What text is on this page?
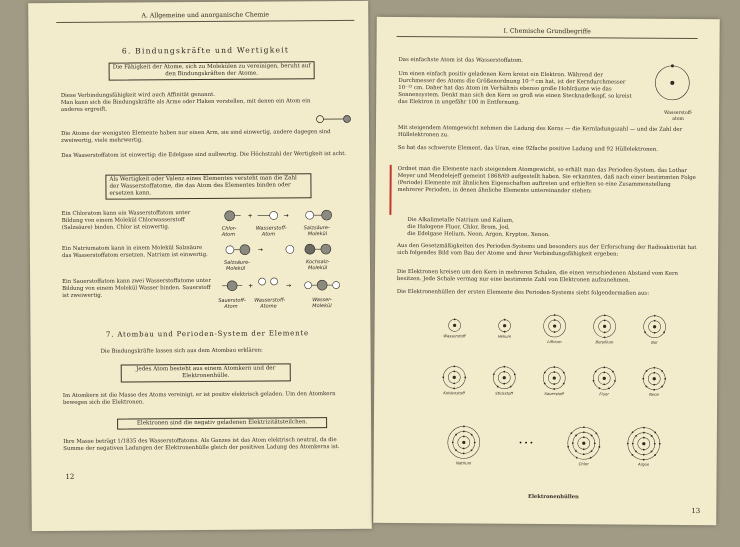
A. Allgemeine und anorganische Chemie
6. Bindungskräfte und Wertigkeit
Die Fähigkeit der Atome, sich zu Molekülen zu vereinigen, beruht auf den Bindungskräften der Atome.
Diese Verbindungsfähigkeit wird auch Affinität genannt.
Man kann sich die Bindungskräfte als Arme oder Haken vorstellen, mit denen ein Atom ein anderes ergreift.
Die Atome der wenigsten Elemente haben nur einen Arm, sie sind einwertig, andere dagegen sind zweiwertig, viele mehrwertig.
Das Wasserstoffatom ist einwertig; die Edelgase sind nullwertig. Die Höchstzahl der Wertigkeit ist acht.
Als Wertigkeit oder Valenz eines Elementes versteht man die Zahl der Wasserstoffatome, die das Atom des Elementes binden oder ersetzen kann.
Ein Chloratom kann ein Wasserstoffatom unter Bildung von einem Molekül Chlorwasserstoff (Salzsäure) binden. Chlor ist einwertig.
+	→
Chlor-
Atom
Wasserstoff-
Atom
Salzsäure-
Molekül
Ein Natriumatom kann in einem Molekül Salzsäure das Wasserstoffatom ersetzen. Natrium ist einwertig.
→
Salzsäure-
Molekül
Kochsalz-
Molekül
Ein Sauerstoffatom kann zwei Wasserstoffatome unter Bildung von einem Molekül Wasser binden. Sauerstoff ist zweiwertig.
+	→
Sauerstoff-
Atom
Wasserstoff-
Atome
Wasser-
Molekül
7. Atombau und Perioden-System der Elemente
Die Bindungskräfte lassen sich aus dem Atombau erklären:
Jedes Atom besteht aus einem Atomkern und der Elektronenhülle.
Im Atomkern ist die Masse des Atoms vereinigt, er ist positiv elektrisch geladen. Um den Atomkern bewegen sich die Elektronen.
Elektronen sind die negativ geladenen Elektrizitätsteilchen.
Ihre Masse beträgt 1/1835 des Wasserstoffatoms. Als Ganzes ist das Atom elektrisch neutral, da die Summe der negativen Ladungen der Elektronenhülle gleich der positiven Ladung des Atomkerns ist.
12
I. Chemische Grundbegriffe
Das einfachste Atom ist das Wasserstoffatom.
Um einen einfach positiv geladenen Kern kreist ein Elektron. Während der Durchmesser des Atoms die Größenordnung 10⁻⁸ cm hat, ist der Kerndurchmesser 10⁻¹² cm. Daher hat das Atom im Verhältnis ebenso große Hohlräume wie das Sonnensystem. Denkt man sich den Kern so groß wie einen Stecknadelkopf, so kreist das Elektron in ungefähr 100 m Entfernung.
Wasserstoff-
atom
Mit steigendem Atomgewicht nehmen die Ladung des Kerns — die Kernladungszahl — und die Zahl der Hüllelektronen zu.
So hat das schwerste Element, das Uran, eine 92fache positive Ladung und 92 Hüllelektronen.
Ordnet man die Elemente nach steigendem Atomgewicht, so erhält man das Perioden-System, das Lothar Meyer und Mendelejeff gemeint 1868/69 aufgestellt haben. Sie erkannten, daß nach einer bestimmten Folge (Periode) Elemente mit ähnlichen Eigenschaften auftreten und erhielten so eine Zusammenstellung mehrerer Perioden, in denen ähnliche Elemente untereinander stehen:
Die Alkalimetalle Natrium und Kalium,
die Halogene Fluor, Chlor, Brom, Jod,
die Edelgase Helium, Neon, Argon, Krypton, Xenon.
Aus den Gesetzmäßigkeiten des Perioden-Systems und besonders aus der Erforschung der Radioaktivität hat sich folgendes Bild vom Bau der Atome und ihrer Verbindungsfähigkeit ergeben:
Die Elektronen kreisen um den Kern in mehreren Schalen, die einen verschiedenen Abstand vom Kern besitzen. Jede Schale vermag nur eine bestimmte Zahl von Elektronen aufzunehmen.
Die Elektronenhüllen der ersten Elemente des Perioden-Systems sieht folgendermaßen aus:
Wasserstoff	Helium
Lithium	Beryllium	Bor
Kohlenstoff	Stickstoff	Sauerstoff	Fluor	Neon
Natrium	Chlor	Argon
• • •
Elektronenhüllen
13
